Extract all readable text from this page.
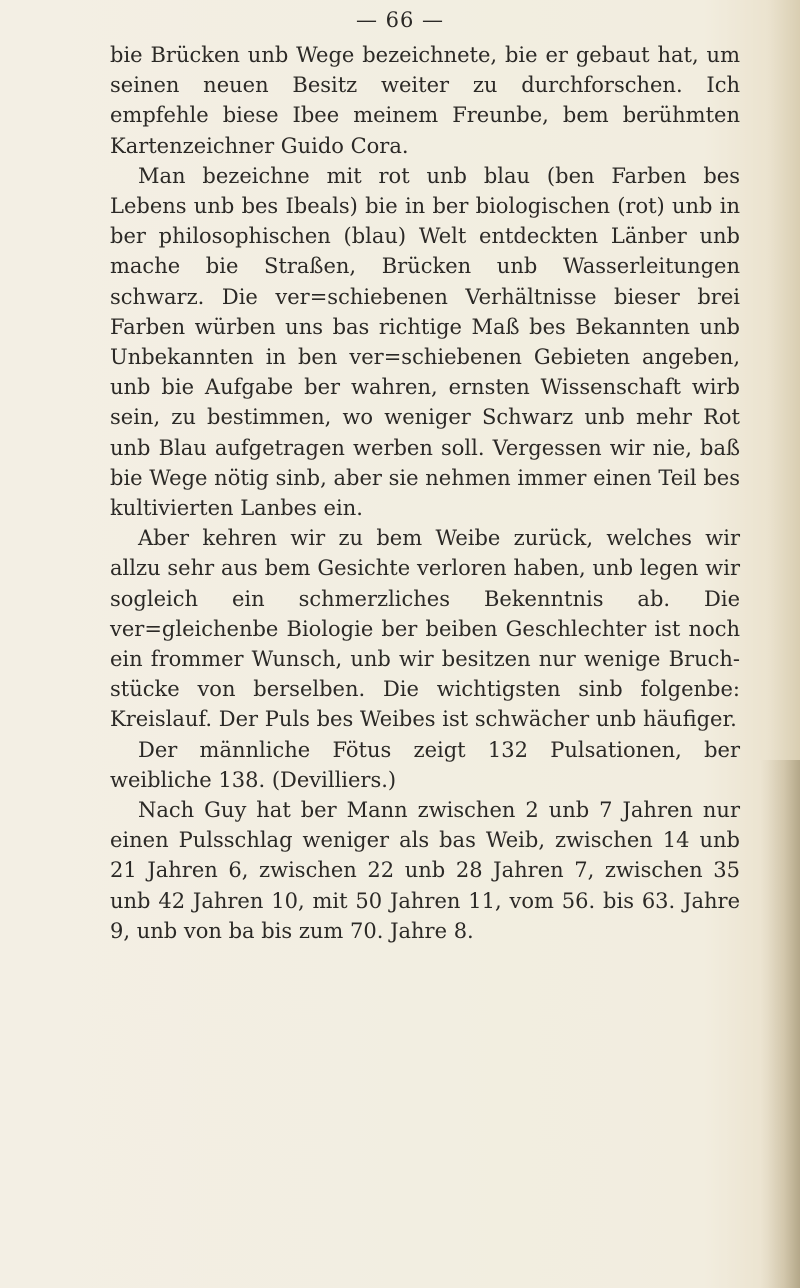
— 66 —

bie Brücken unb Wege bezeichnete, bie er gebaut hat, um seinen neuen Besitz weiter zu durchforschen. Ich empfehle biese Ibee meinem Freunbe, bem berühmten Kartenzeichner Guido Cora.

Man bezeichne mit rot unb blau (ben Farben bes Lebens unb bes Ibeals) bie in ber biologischen (rot) unb in ber philosophischen (blau) Welt entdeckten Länber unb mache bie Straßen, Brücken unb Wasserleitungen schwarz. Die ver=schiebenen Verhältnisse bieser brei Farben würben uns bas richtige Maß bes Bekannten unb Unbekannten in ben ver=schiebenen Gebieten angeben, unb bie Aufgabe ber wahren, ernsten Wissenschaft wirb sein, zu bestimmen, wo weniger Schwarz unb mehr Rot unb Blau aufgetragen werben soll. Vergessen wir nie, baß bie Wege nötig sinb, aber sie nehmen immer einen Teil bes kultivierten Lanbes ein.

Aber kehren wir zu bem Weibe zurück, welches wir allzu sehr aus bem Gesichte verloren haben, unb legen wir sogleich ein schmerzliches Bekenntnis ab. Die ver=gleichenbe Biologie ber beiben Geschlechter ist noch ein frommer Wunsch, unb wir besitzen nur wenige Bruch-stücke von berselben. Die wichtigsten sinb folgenbe: Kreislauf. Der Puls bes Weibes ist schwächer unb häufiger.

Der männliche Fötus zeigt 132 Pulsationen, ber weibliche 138. (Devilliers.)

Nach Guy hat ber Mann zwischen 2 unb 7 Jahren nur einen Pulsschlag weniger als bas Weib, zwischen 14 unb 21 Jahren 6, zwischen 22 unb 28 Jahren 7, zwischen 35 unb 42 Jahren 10, mit 50 Jahren 11, vom 56. bis 63. Jahre 9, unb von ba bis zum 70. Jahre 8.
